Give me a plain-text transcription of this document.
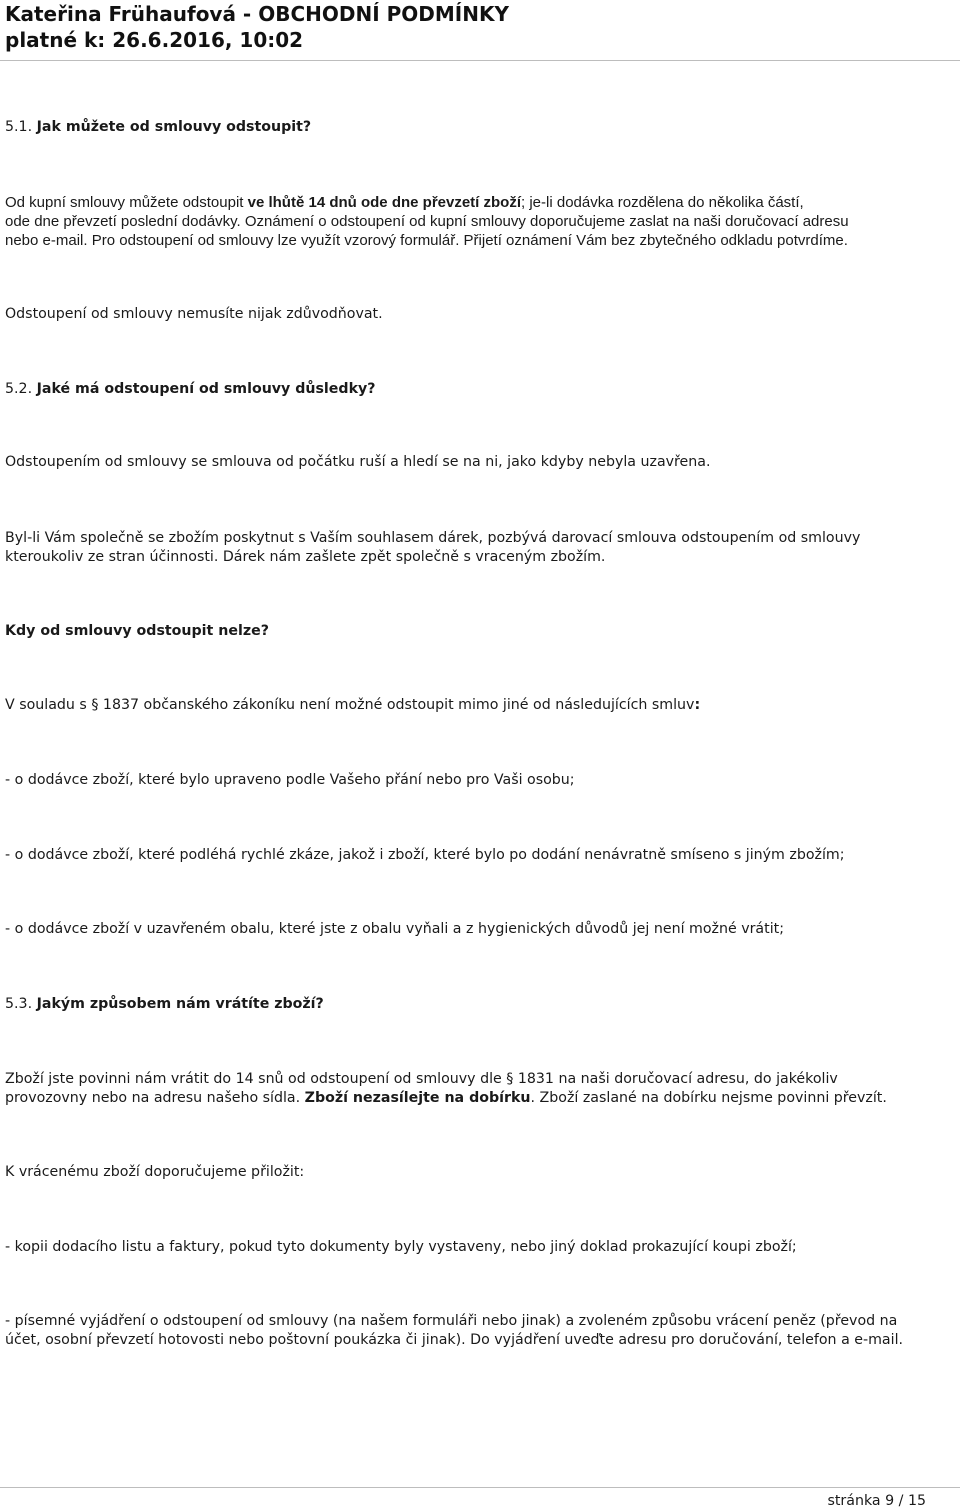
Kateřina Frühaufová - OBCHODNÍ PODMÍNKY
platné k: 26.6.2016, 10:02
5.1. Jak můžete od smlouvy odstoupit?
Od kupní smlouvy můžete odstoupit ve lhůtě 14 dnů ode dne převzetí zboží; je-li dodávka rozdělena do několika částí,
ode dne převzetí poslední dodávky. Oznámení o odstoupení od kupní smlouvy doporučujeme zaslat na naši doručovací adresu
nebo e-mail. Pro odstoupení od smlouvy lze využít vzorový formulář. Přijetí oznámení Vám bez zbytečného odkladu potvrdíme.
Odstoupení od smlouvy nemusíte nijak zdůvodňovat.
5.2. Jaké má odstoupení od smlouvy důsledky?
Odstoupením od smlouvy se smlouva od počátku ruší a hledí se na ni, jako kdyby nebyla uzavřena.
Byl-li Vám společně se zbožím poskytnut s Vaším souhlasem dárek, pozbývá darovací smlouva odstoupením od smlouvy
kteroukoliv ze stran účinnosti. Dárek nám zašlete zpět společně s vraceným zbožím.
Kdy od smlouvy odstoupit nelze?
V souladu s § 1837 občanského zákoníku není možné odstoupit mimo jiné od následujících smluv:
- o dodávce zboží, které bylo upraveno podle Vašeho přání nebo pro Vaši osobu;
- o dodávce zboží, které podléhá rychlé zkáze, jakož i zboží, které bylo po dodání nenávratně smíseno s jiným zbožím;
- o dodávce zboží v uzavřeném obalu, které jste z obalu vyňali a z hygienických důvodů jej není možné vrátit;
5.3. Jakým způsobem nám vrátíte zboží?
Zboží jste povinni nám vrátit do 14 snů od odstoupení od smlouvy dle § 1831 na naši doručovací adresu, do jakékoliv
provozovny nebo na adresu našeho sídla. Zboží nezasílejte na dobírku. Zboží zaslané na dobírku nejsme povinni převzít.
K vrácenému zboží doporučujeme přiložit:
- kopii dodacího listu a faktury, pokud tyto dokumenty byly vystaveny, nebo jiný doklad prokazující koupi zboží;
- písemné vyjádření o odstoupení od smlouvy (na našem formuláři nebo jinak) a zvoleném způsobu vrácení peněz (převod na
účet, osobní převzetí hotovosti nebo poštovní poukázka či jinak). Do vyjádření uveďte adresu pro doručování, telefon a e-mail.
stránka 9 / 15
